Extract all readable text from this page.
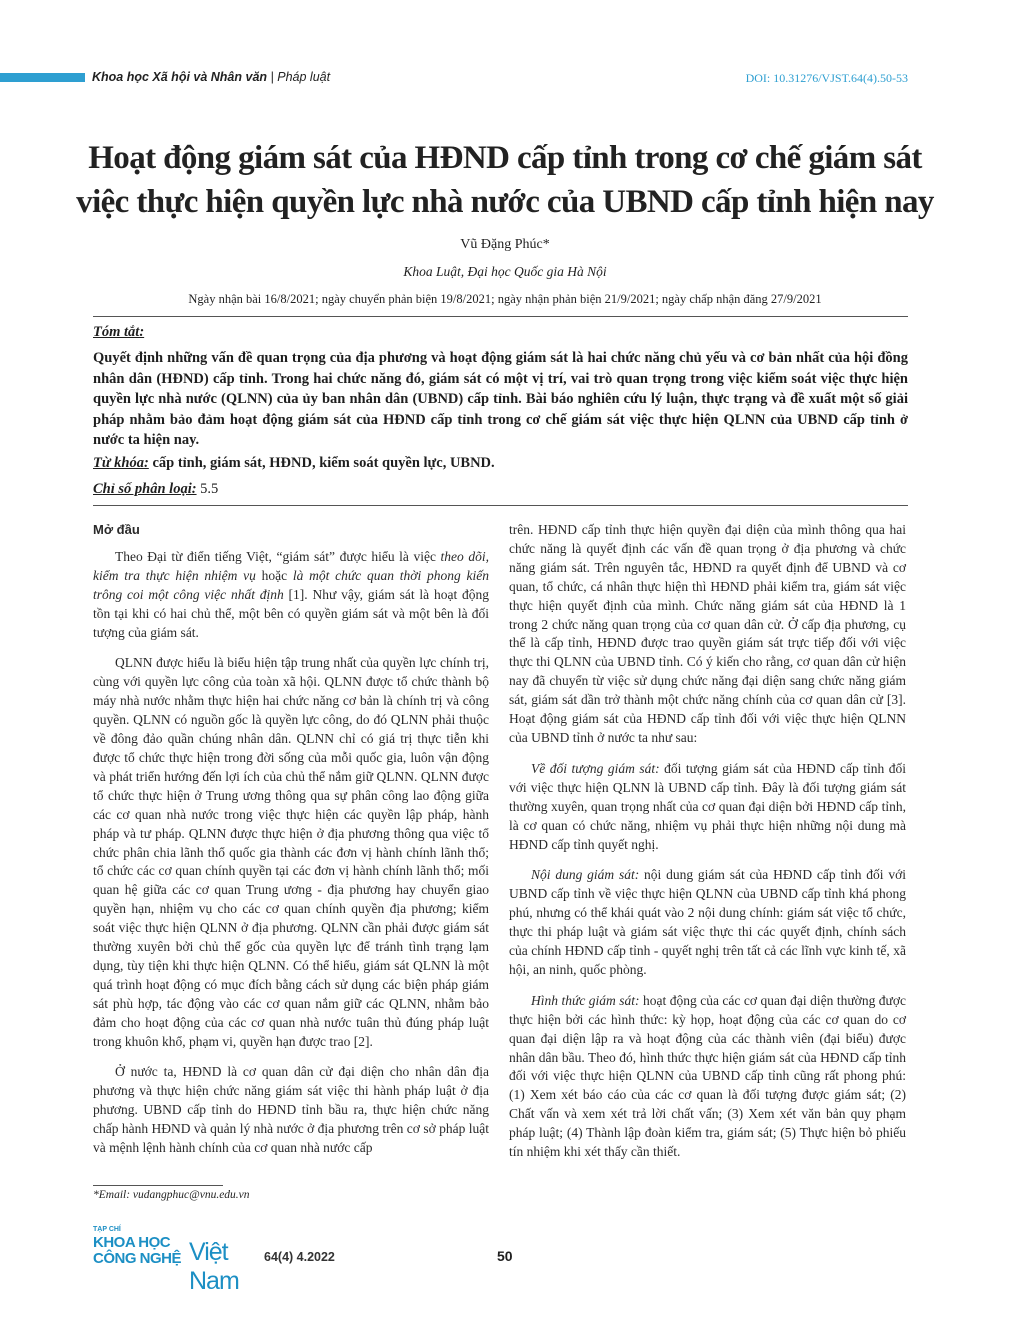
Khoa học Xã hội và Nhân văn | Pháp luật	DOI: 10.31276/VJST.64(4).50-53
Hoạt động giám sát của HĐND cấp tỉnh trong cơ chế giám sát việc thực hiện quyền lực nhà nước của UBND cấp tỉnh hiện nay
Vũ Đặng Phúc*
Khoa Luật, Đại học Quốc gia Hà Nội
Ngày nhận bài 16/8/2021; ngày chuyển phản biện 19/8/2021; ngày nhận phản biện 21/9/2021; ngày chấp nhận đăng 27/9/2021
Tóm tắt:
Quyết định những vấn đề quan trọng của địa phương và hoạt động giám sát là hai chức năng chủ yếu và cơ bản nhất của hội đồng nhân dân (HĐND) cấp tỉnh. Trong hai chức năng đó, giám sát có một vị trí, vai trò quan trọng trong việc kiểm soát việc thực hiện quyền lực nhà nước (QLNN) của ủy ban nhân dân (UBND) cấp tỉnh. Bài báo nghiên cứu lý luận, thực trạng và đề xuất một số giải pháp nhằm bảo đảm hoạt động giám sát của HĐND cấp tỉnh trong cơ chế giám sát việc thực hiện QLNN của UBND cấp tỉnh ở nước ta hiện nay.
Từ khóa: cấp tỉnh, giám sát, HĐND, kiểm soát quyền lực, UBND.
Chỉ số phân loại: 5.5
Mở đầu

Theo Đại từ điển tiếng Việt, “giám sát” được hiểu là việc theo dõi, kiểm tra thực hiện nhiệm vụ hoặc là một chức quan thời phong kiến trông coi một công việc nhất định [1]. Như vậy, giám sát là hoạt động tồn tại khi có hai chủ thể, một bên có quyền giám sát và một bên là đối tượng của giám sát.

QLNN được hiểu là biểu hiện tập trung nhất của quyền lực chính trị, cùng với quyền lực công của toàn xã hội. QLNN được tổ chức thành bộ máy nhà nước nhằm thực hiện hai chức năng cơ bản là chính trị và công quyền. QLNN có nguồn gốc là quyền lực công, do đó QLNN phải thuộc về đông đảo quần chúng nhân dân. QLNN chỉ có giá trị thực tiễn khi được tổ chức thực hiện trong đời sống của mỗi quốc gia, luôn vận động và phát triển hướng đến lợi ích của chủ thể nắm giữ QLNN. QLNN được tổ chức thực hiện ở Trung ương thông qua sự phân công lao động giữa các cơ quan nhà nước trong việc thực hiện các quyền lập pháp, hành pháp và tư pháp. QLNN được thực hiện ở địa phương thông qua việc tổ chức phân chia lãnh thổ quốc gia thành các đơn vị hành chính lãnh thổ; tổ chức các cơ quan chính quyền tại các đơn vị hành chính lãnh thổ; mối quan hệ giữa các cơ quan Trung ương - địa phương hay chuyển giao quyền hạn, nhiệm vụ cho các cơ quan chính quyền địa phương; kiểm soát việc thực hiện QLNN ở địa phương. QLNN cần phải được giám sát thường xuyên bởi chủ thể gốc của quyền lực để tránh tình trạng lạm dụng, tùy tiện khi thực hiện QLNN. Có thể hiểu, giám sát QLNN là một quá trình hoạt động có mục đích bằng cách sử dụng các biện pháp giám sát phù hợp, tác động vào các cơ quan nắm giữ các QLNN, nhằm bảo đảm cho hoạt động của các cơ quan nhà nước tuân thủ đúng pháp luật trong khuôn khổ, phạm vi, quyền hạn được trao [2].

Ở nước ta, HĐND là cơ quan dân cử đại diện cho nhân dân địa phương và thực hiện chức năng giám sát việc thi hành pháp luật ở địa phương. UBND cấp tỉnh do HĐND tỉnh bầu ra, thực hiện chức năng chấp hành HĐND và quản lý nhà nước ở địa phương trên cơ sở pháp luật và mệnh lệnh hành chính của cơ quan nhà nước cấp

trên. HĐND cấp tỉnh thực hiện quyền đại diện của mình thông qua hai chức năng là quyết định các vấn đề quan trọng ở địa phương và chức năng giám sát. Trên nguyên tắc, HĐND ra quyết định để UBND và cơ quan, tổ chức, cá nhân thực hiện thì HĐND phải kiểm tra, giám sát việc thực hiện quyết định của mình. Chức năng giám sát của HĐND là 1 trong 2 chức năng quan trọng của cơ quan dân cử. Ở cấp địa phương, cụ thể là cấp tỉnh, HĐND được trao quyền giám sát trực tiếp đối với việc thực thi QLNN của UBND tỉnh. Có ý kiến cho rằng, cơ quan dân cử hiện nay đã chuyển từ việc sử dụng chức năng đại diện sang chức năng giám sát, giám sát dần trở thành một chức năng chính của cơ quan dân cử [3]. Hoạt động giám sát của HĐND cấp tỉnh đối với việc thực hiện QLNN của UBND tỉnh ở nước ta như sau:

Về đối tượng giám sát: đối tượng giám sát của HĐND cấp tỉnh đối với việc thực hiện QLNN là UBND cấp tỉnh. Đây là đối tượng giám sát thường xuyên, quan trọng nhất của cơ quan đại diện bởi HĐND cấp tỉnh, là cơ quan có chức năng, nhiệm vụ phải thực hiện những nội dung mà HĐND cấp tỉnh quyết nghị.

Nội dung giám sát: nội dung giám sát của HĐND cấp tỉnh đối với UBND cấp tỉnh về việc thực hiện QLNN của UBND cấp tỉnh khá phong phú, nhưng có thể khái quát vào 2 nội dung chính: giám sát việc tổ chức, thực thi pháp luật và giám sát việc thực thi các quyết định, chính sách của chính HĐND cấp tỉnh - quyết nghị trên tất cả các lĩnh vực kinh tế, xã hội, an ninh, quốc phòng.

Hình thức giám sát: hoạt động của các cơ quan đại diện thường được thực hiện bởi các hình thức: kỳ họp, hoạt động của các cơ quan do cơ quan đại diện lập ra và hoạt động của các thành viên (đại biểu) được nhân dân bầu. Theo đó, hình thức thực hiện giám sát của HĐND cấp tỉnh đối với việc thực hiện QLNN của UBND cấp tỉnh cũng rất phong phú: (1) Xem xét báo cáo của các cơ quan là đối tượng được giám sát; (2) Chất vấn và xem xét trả lời chất vấn; (3) Xem xét văn bản quy phạm pháp luật; (4) Thành lập đoàn kiểm tra, giám sát; (5) Thực hiện bỏ phiếu tín nhiệm khi xét thấy cần thiết.

*Email: vudangphuc@vnu.edu.vn
TẠP CHÍ
KHOA HỌC
CÔNG NGHỆ Việt Nam
64(4) 4.2022	50
